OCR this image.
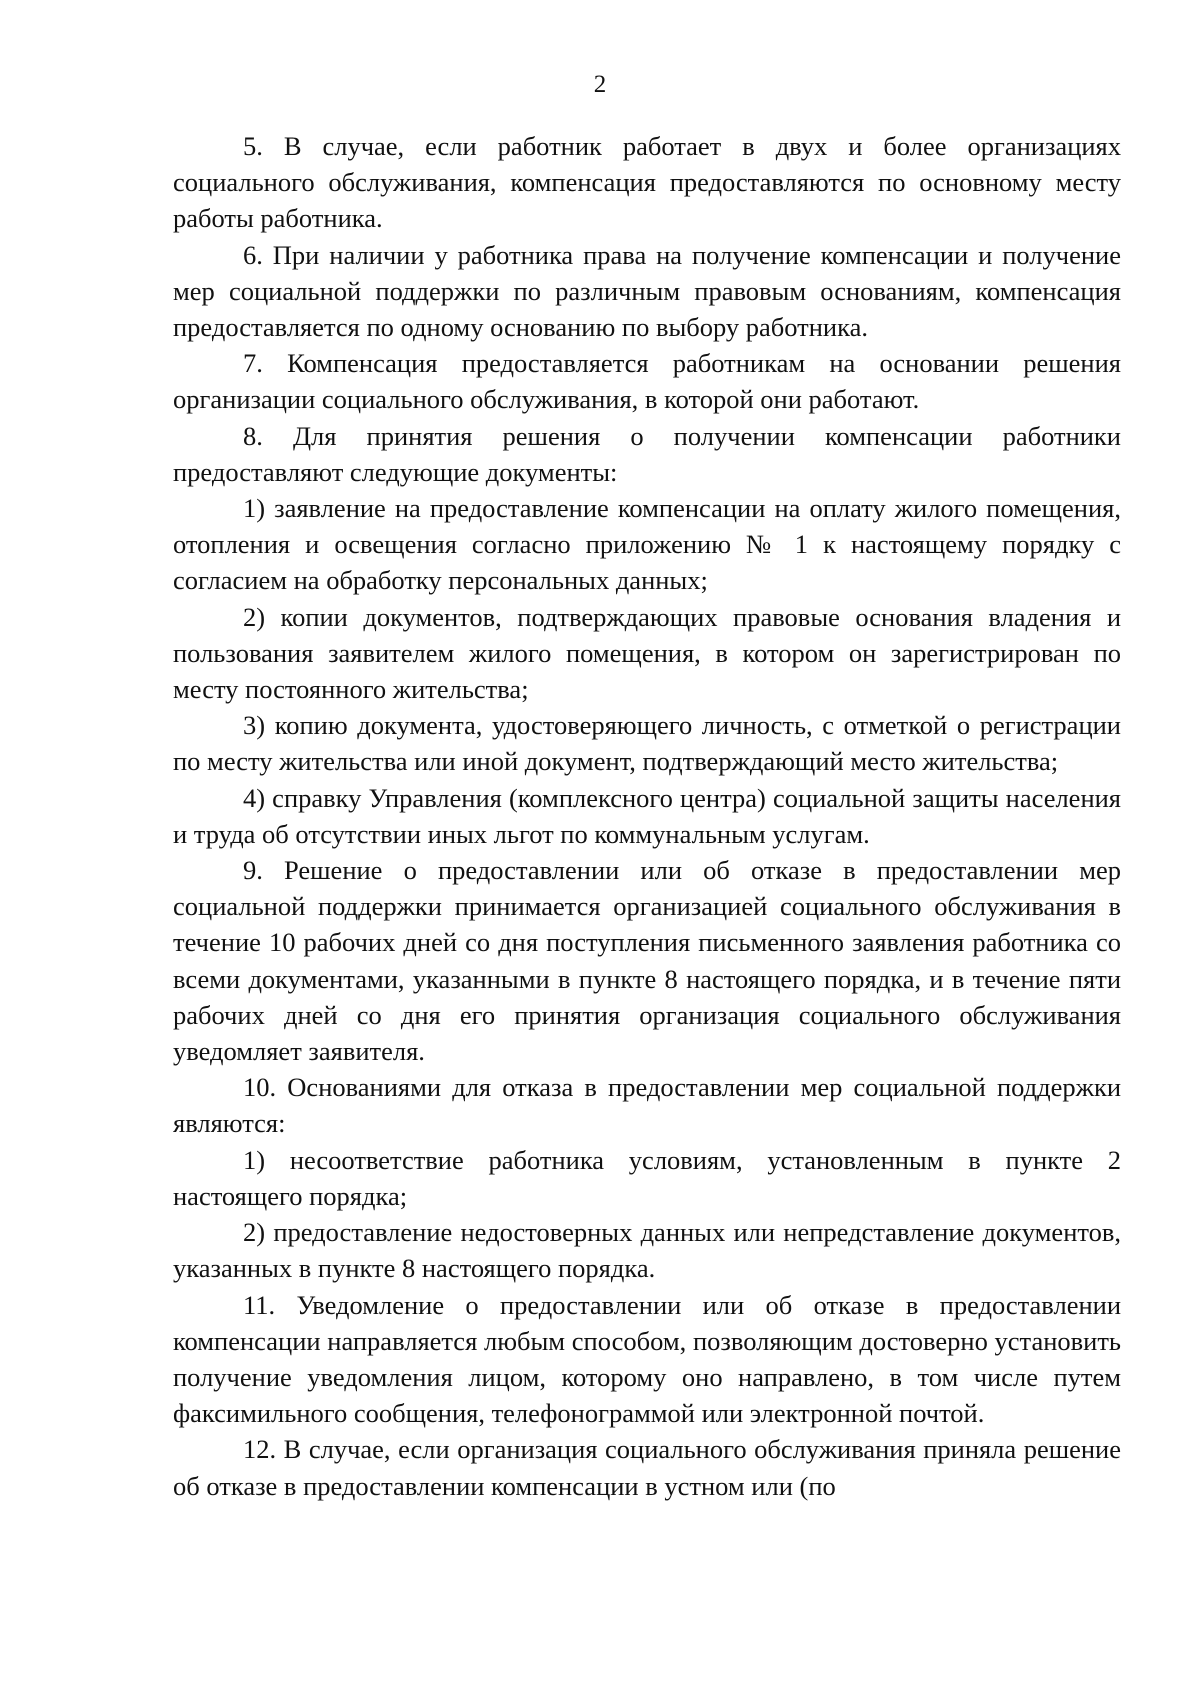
2

5. В случае, если работник работает в двух и более организациях социального обслуживания, компенсация предоставляются по основному месту работы работника.

6. При наличии у работника права на получение компенсации и получение мер социальной поддержки по различным правовым основаниям, компенсация предоставляется по одному основанию по выбору работника.

7. Компенсация предоставляется работникам на основании решения организации социального обслуживания, в которой они работают.

8. Для принятия решения о получении компенсации работники предоставляют следующие документы:

1) заявление на предоставление компенсации на оплату жилого помещения, отопления и освещения согласно приложению № 1 к настоящему порядку с согласием на обработку персональных данных;

2) копии документов, подтверждающих правовые основания владения и пользования заявителем жилого помещения, в котором он зарегистрирован по месту постоянного жительства;

3) копию документа, удостоверяющего личность, с отметкой о регистрации по месту жительства или иной документ, подтверждающий место жительства;

4) справку Управления (комплексного центра) социальной защиты населения и труда об отсутствии иных льгот по коммунальным услугам.

9. Решение о предоставлении или об отказе в предоставлении мер социальной поддержки принимается организацией социального обслуживания в течение 10 рабочих дней со дня поступления письменного заявления работника со всеми документами, указанными в пункте 8 настоящего порядка, и в течение пяти рабочих дней со дня его принятия организация социального обслуживания уведомляет заявителя.

10. Основаниями для отказа в предоставлении мер социальной поддержки являются:

1) несоответствие работника условиям, установленным в пункте 2 настоящего порядка;

2) предоставление недостоверных данных или непредставление документов, указанных в пункте 8 настоящего порядка.

11. Уведомление о предоставлении или об отказе в предоставлении компенсации направляется любым способом, позволяющим достоверно установить получение уведомления лицом, которому оно направлено, в том числе путем факсимильного сообщения, телефонограммой или электронной почтой.

12. В случае, если организация социального обслуживания приняла решение об отказе в предоставлении компенсации в устном или (по
